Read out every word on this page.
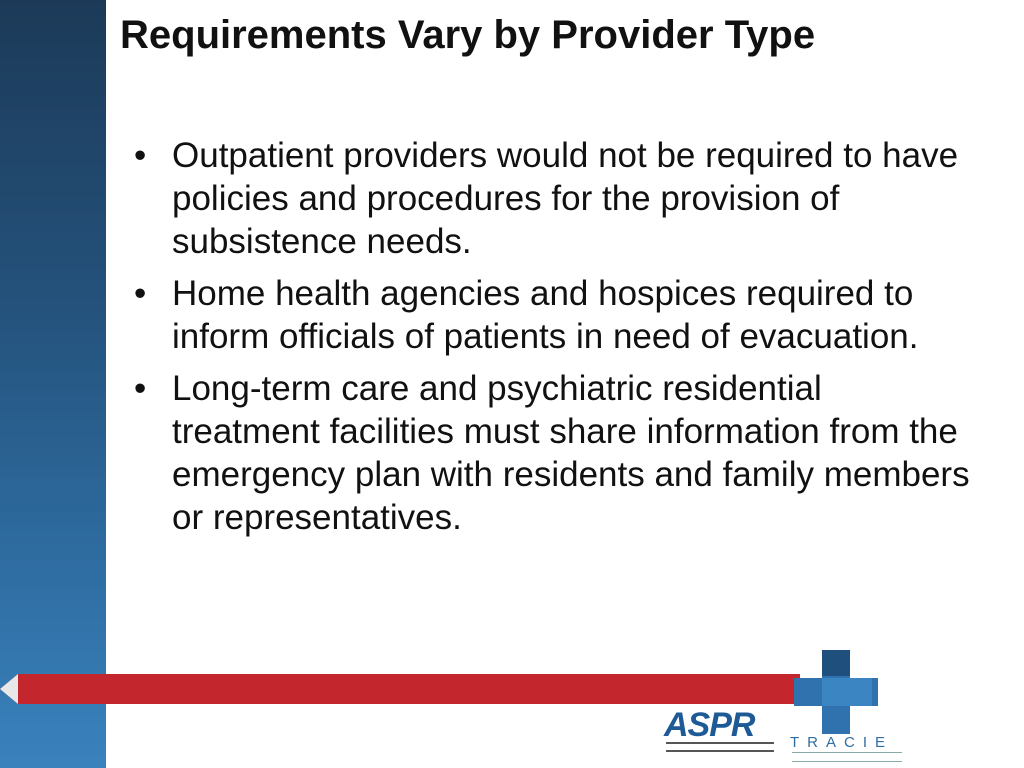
Requirements Vary by Provider Type
• Outpatient providers would not be required to have policies and procedures for the provision of subsistence needs.
• Home health agencies and hospices required to inform officials of patients in need of evacuation.
• Long-term care and psychiatric residential treatment facilities must share information from the emergency plan with residents and family members or representatives.
ASPR TRACIE
